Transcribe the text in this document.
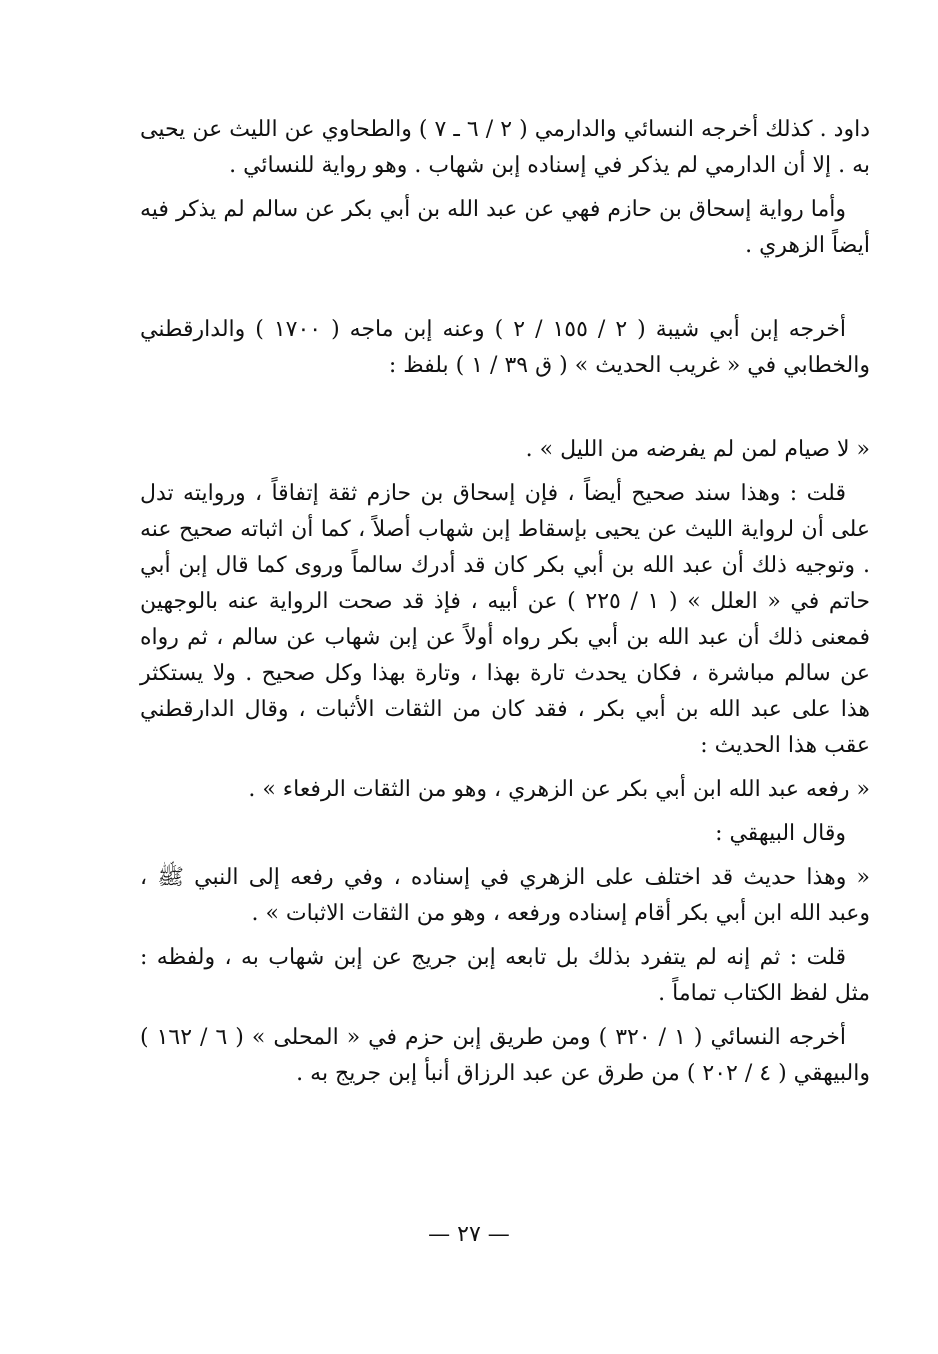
داود . كذلك أخرجه النسائي والدارمي ( ٢ / ٦ ـ ٧ ) والطحاوي عن الليث عن يحيى به . إلا أن الدارمي لم يذكر في إسناده إبن شهاب . وهو رواية للنسائي .

وأما رواية إسحاق بن حازم فهي عن عبد الله بن أبي بكر عن سالم لم يذكر فيه أيضاً الزهري .

أخرجه إبن أبي شيبة ( ٢ / ١٥٥ / ٢ ) وعنه إبن ماجه ( ١٧٠٠ ) والدارقطني والخطابي في « غريب الحديث » ( ق ٣٩ / ١ ) بلفظ :

« لا صيام لمن لم يفرضه من الليل » .

قلت : وهذا سند صحيح أيضاً ، فإن إسحاق بن حازم ثقة إتفاقاً ، وروايته تدل على أن لرواية الليث عن يحيى بإسقاط إبن شهاب أصلاً ، كما أن اثباته صحيح عنه . وتوجيه ذلك أن عبد الله بن أبي بكر كان قد أدرك سالماً وروى كما قال إبن أبي حاتم في « العلل » ( ١ / ٢٢٥ ) عن أبيه ، فإذ قد صحت الرواية عنه بالوجهين فمعنى ذلك أن عبد الله بن أبي بكر رواه أولاً عن إبن شهاب عن سالم ، ثم رواه عن سالم مباشرة ، فكان يحدث تارة بهذا ، وتارة بهذا وكل صحيح . ولا يستكثر هذا على عبد الله بن أبي بكر ، فقد كان من الثقات الأثبات ، وقال الدارقطني عقب هذا الحديث :

« رفعه عبد الله ابن أبي بكر عن الزهري ، وهو من الثقات الرفعاء » .

وقال البيهقي :

« وهذا حديث قد اختلف على الزهري في إسناده ، وفي رفعه إلى النبي ﷺ ، وعبد الله ابن أبي بكر أقام إسناده ورفعه ، وهو من الثقات الاثبات » .

قلت : ثم إنه لم يتفرد بذلك بل تابعه إبن جريج عن إبن شهاب به ، ولفظه : مثل لفظ الكتاب تماماً .

أخرجه النسائي ( ١ / ٣٢٠ ) ومن طريق إبن حزم في « المحلى » ( ٦ / ١٦٢ ) والبيهقي ( ٤ / ٢٠٢ ) من طرق عن عبد الرزاق أنبأ إبن جريج به .

— ٢٧ —
